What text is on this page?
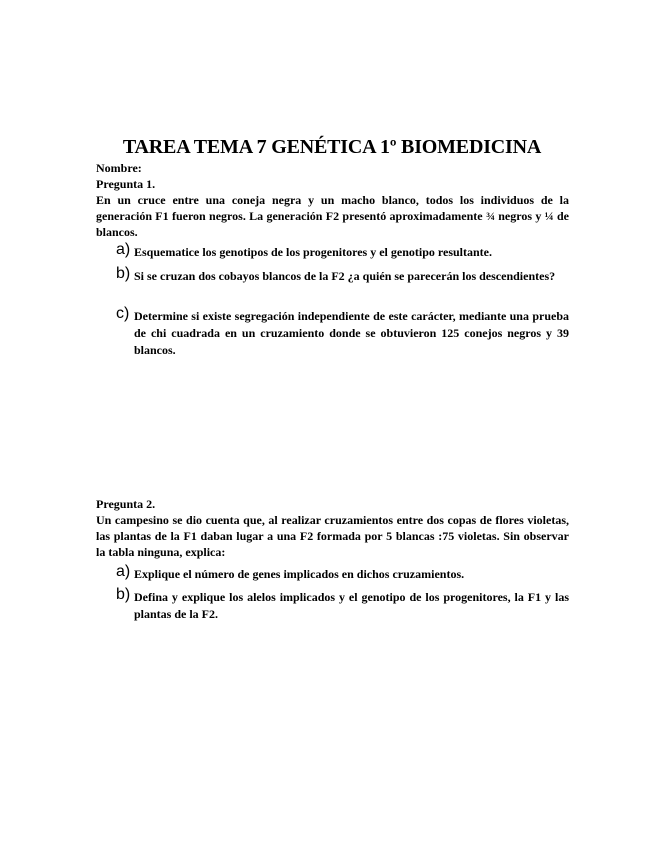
TAREA TEMA 7 GENÉTICA 1º BIOMEDICINA
Nombre:
Pregunta 1.
En un cruce entre una coneja negra y un macho blanco, todos los individuos de la generación F1 fueron negros. La generación F2 presentó aproximadamente ¾ negros y ¼ de blancos.
a) Esquematice los genotipos de los progenitores y el genotipo resultante.
b) Si se cruzan dos cobayos blancos de la F2 ¿a quién se parecerán los descendientes?
c) Determine si existe segregación independiente de este carácter, mediante una prueba de chi cuadrada en un cruzamiento donde se obtuvieron 125 conejos negros y 39 blancos.
Pregunta 2.
Un campesino se dio cuenta que, al realizar cruzamientos entre dos copas de flores violetas, las plantas de la F1 daban lugar a una F2 formada por 5 blancas :75 violetas. Sin observar la tabla ninguna, explica:
a) Explique el número de genes implicados en dichos cruzamientos.
b) Defina y explique los alelos implicados y el genotipo de los progenitores, la F1 y las plantas de la F2.
